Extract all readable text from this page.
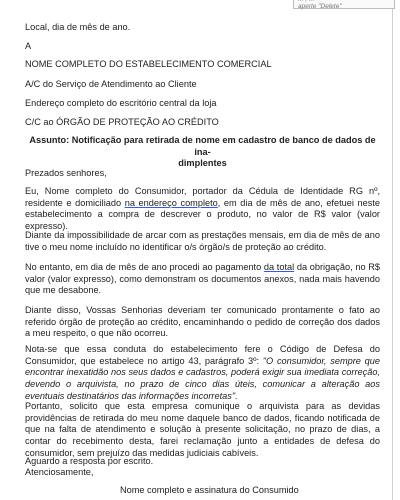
aperte "Delete"

Local, dia de mês de ano.

A

NOME COMPLETO DO ESTABELECIMENTO COMERCIAL

A/C do Serviço de Atendimento ao Cliente

Endereço completo do escritório central da loja

C/C ao ÓRGÃO DE PROTEÇÃO AO CRÉDITO

Assunto: Notificação para retirada de nome em cadastro de banco de dados de ina-
dimplentes

Prezados senhores,

Eu, Nome completo do Consumidor, portador da Cédula de Identidade RG nº, residente e domiciliado na endereço completo, em dia de mês de ano, efetuei neste estabelecimento a compra de descrever o produto, no valor de R$ valor (valor expresso).

Diante da impossibilidade de arcar com as prestações mensais, em dia de mês de ano tive o meu nome incluído no identificar o/s órgão/s de proteção ao crédito.

No entanto, em dia de mês de ano procedi ao pagamento da total da obrigação, no R$ valor (valor expresso), como demonstram os documentos anexos, nada mais havendo que me desabone.

Diante disso, Vossas Senhorias deveriam ter comunicado prontamente o fato ao referido órgão de proteção ao crédito, encaminhando o pedido de correção dos dados a meu respeito, o que não ocorreu.

Nota-se que essa conduta do estabelecimento fere o Código de Defesa do Consumidor, que estabelece no artigo 43, parágrafo 3º: "O consumidor, sempre que encontrar inexatidão nos seus dados e cadastros, poderá exigir sua imediata correção, devendo o arquivista, no prazo de cinco dias úteis, comunicar a alteração aos eventuais destinatários das informações incorretas".

Portanto, solicito que esta empresa comunique o arquivista para as devidas providências de retirada do meu nome daquele banco de dados, ficando notificada de que na falta de atendimento e solução à presente solicitação, no prazo de dias, a contar do recebimento desta, farei reclamação junto a entidades de defesa do consumidor, sem prejuízo das medidas judiciais cabíveis.

Aguardo a resposta por escrito.

Atenciosamente,

Nome completo e assinatura do Consumido
